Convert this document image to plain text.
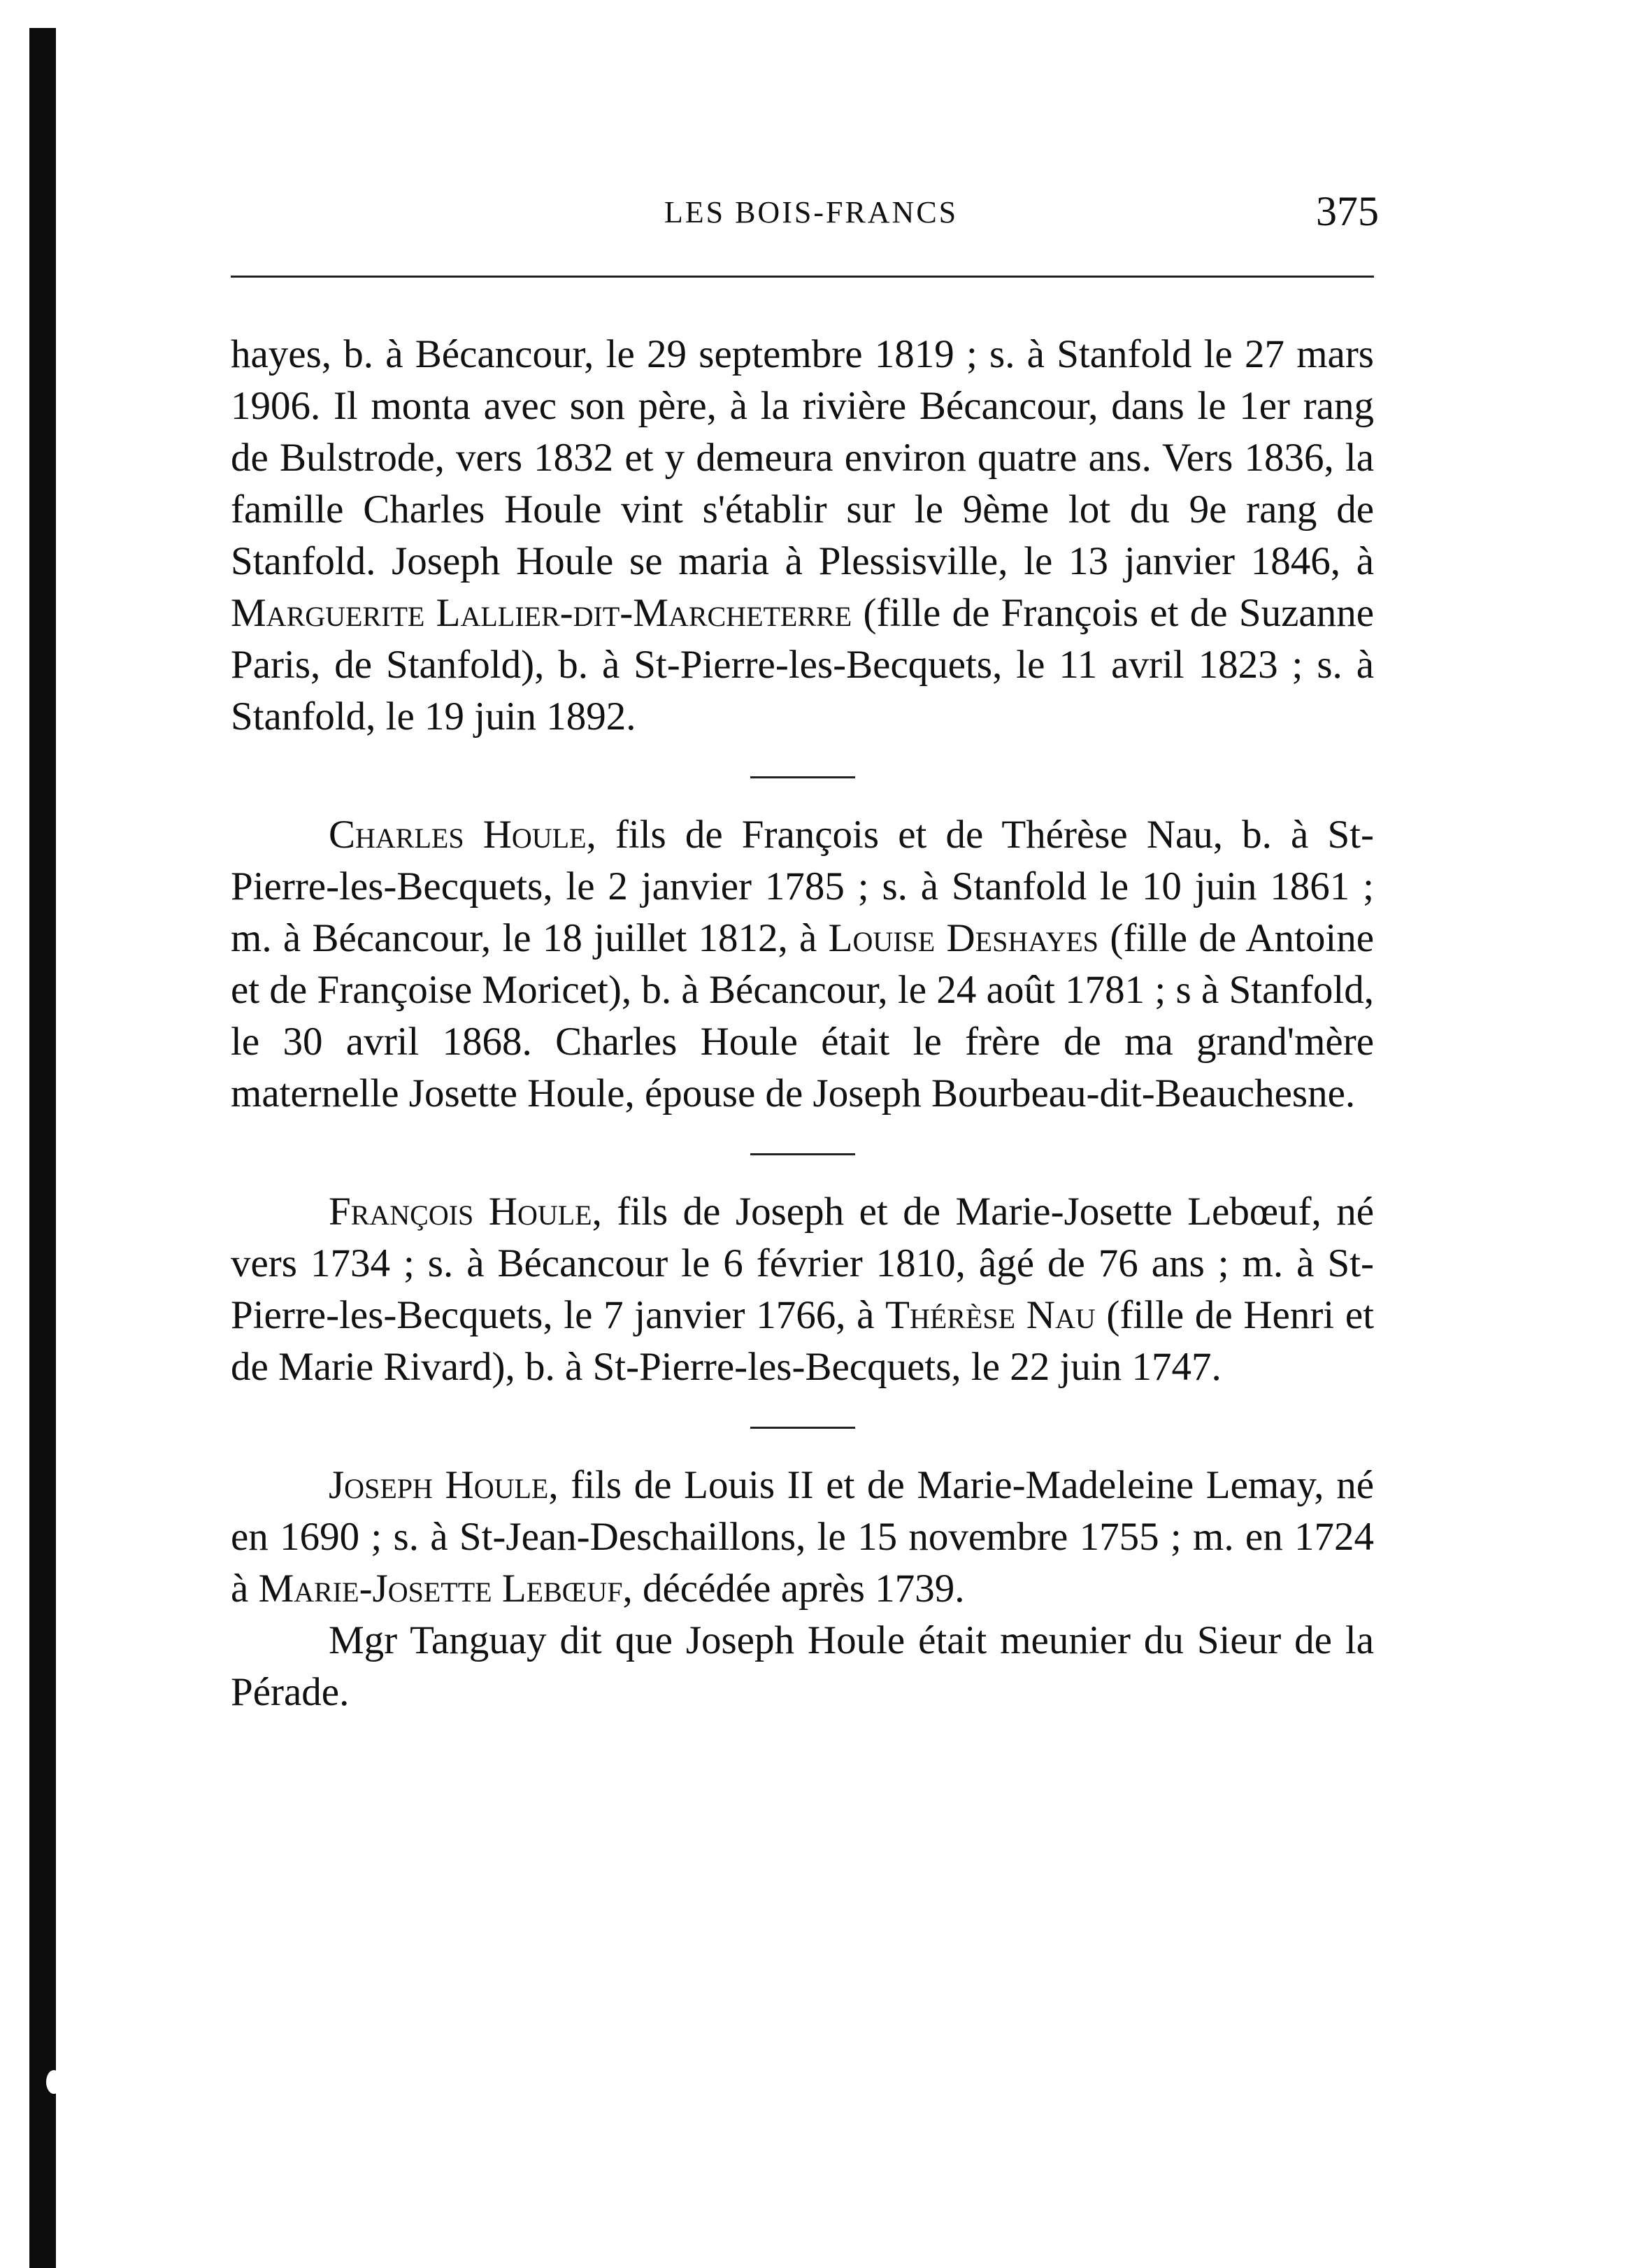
LES BOIS-FRANCS	375

hayes, b. à Bécancour, le 29 septembre 1819 ; s. à Stanfold le 27 mars 1906. Il monta avec son père, à la rivière Bécancour, dans le 1er rang de Bulstrode, vers 1832 et y demeura environ quatre ans. Vers 1836, la famille Charles Houle vint s'établir sur le 9ème lot du 9e rang de Stanfold. Joseph Houle se maria à Plessisville, le 13 janvier 1846, à Marguerite Lallier-dit-Marcheterre (fille de François et de Suzanne Paris, de Stanfold), b. à St-Pierre-les-Becquets, le 11 avril 1823 ; s. à Stanfold, le 19 juin 1892.

Charles Houle, fils de François et de Thérèse Nau, b. à St-Pierre-les-Becquets, le 2 janvier 1785 ; s. à Stanfold le 10 juin 1861 ; m. à Bécancour, le 18 juillet 1812, à Louise Deshayes (fille de Antoine et de Françoise Moricet), b. à Bécancour, le 24 août 1781 ; s à Stanfold, le 30 avril 1868. Charles Houle était le frère de ma grand'mère maternelle Josette Houle, épouse de Joseph Bourbeau-dit-Beauchesne.

François Houle, fils de Joseph et de Marie-Josette Lebœuf, né vers 1734 ; s. à Bécancour le 6 février 1810, âgé de 76 ans ; m. à St-Pierre-les-Becquets, le 7 janvier 1766, à Thérèse Nau (fille de Henri et de Marie Rivard), b. à St-Pierre-les-Becquets, le 22 juin 1747.

Joseph Houle, fils de Louis II et de Marie-Madeleine Lemay, né en 1690 ; s. à St-Jean-Deschaillons, le 15 novembre 1755 ; m. en 1724 à Marie-Josette Lebœuf, décédée après 1739.

Mgr Tanguay dit que Joseph Houle était meunier du Sieur de la Pérade.
